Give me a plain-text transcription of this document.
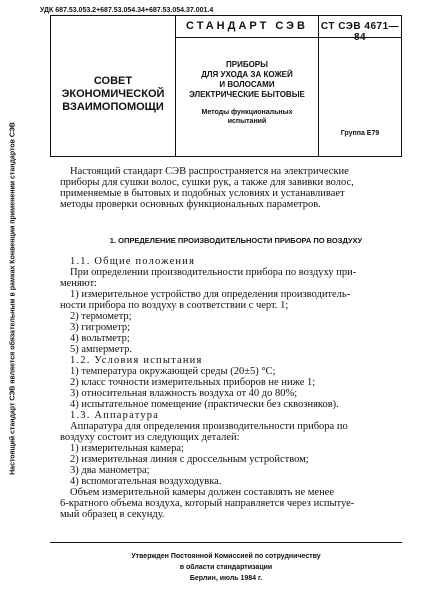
УДК 687.53.053.2+687.53.054.34+687.53.054.37.001.4
Настоящий стандарт СЭВ является обязательным в рамках Конвенции применении стандартов СЭВ
СТАНДАРТ СЭВ	СТ СЭВ 4671—84
СОВЕТ
ЭКОНОМИЧЕСКОЙ
ВЗАИМОПОМОЩИ
ПРИБОРЫ
ДЛЯ УХОДА ЗА КОЖЕЙ
И ВОЛОСАМИ
ЭЛЕКТРИЧЕСКИЕ БЫТОВЫЕ
Методы функциональных
испытаний
Группа Е79
Настоящий стандарт СЭВ распространяется на электрические
приборы для сушки волос, сушки рук, а также для завивки волос,
применяемые в бытовых и подобных условиях и устанавливает
методы проверки основных функциональных параметров.
1. ОПРЕДЕЛЕНИЕ ПРОИЗВОДИТЕЛЬНОСТИ ПРИБОРА ПО ВОЗДУХУ
1.1. Общие положения
При определении производительности прибора по воздуху при-
меняют:
1) измерительное устройство для определения производитель-
ности прибора по воздуху в соответствии с черт. 1;
2) термометр;
3) гигрометр;
4) вольтметр;
5) амперметр.
1.2. Условия испытания
1) температура окружающей среды (20±5) °С;
2) класс точности измерительных приборов не ниже 1;
3) относительная влажность воздуха от 40 до 80%;
4) испытательное помещение (практически без сквозняков).
1.3. Аппаратура
Аппаратура для определения производительности прибора по
воздуху состоит из следующих деталей:
1) измерительная камера;
2) измерительная линия с дроссельным устройством;
3) два манометра;
4) вспомогательная воздуходувка.
Объем измерительной камеры должен составлять не менее
6-кратного объема воздуха, который направляется через испытуе-
мый образец в секунду.
Утвержден Постоянной Комиссией по сотрудничеству
в области стандартизации
Берлин, июль 1984 г.
